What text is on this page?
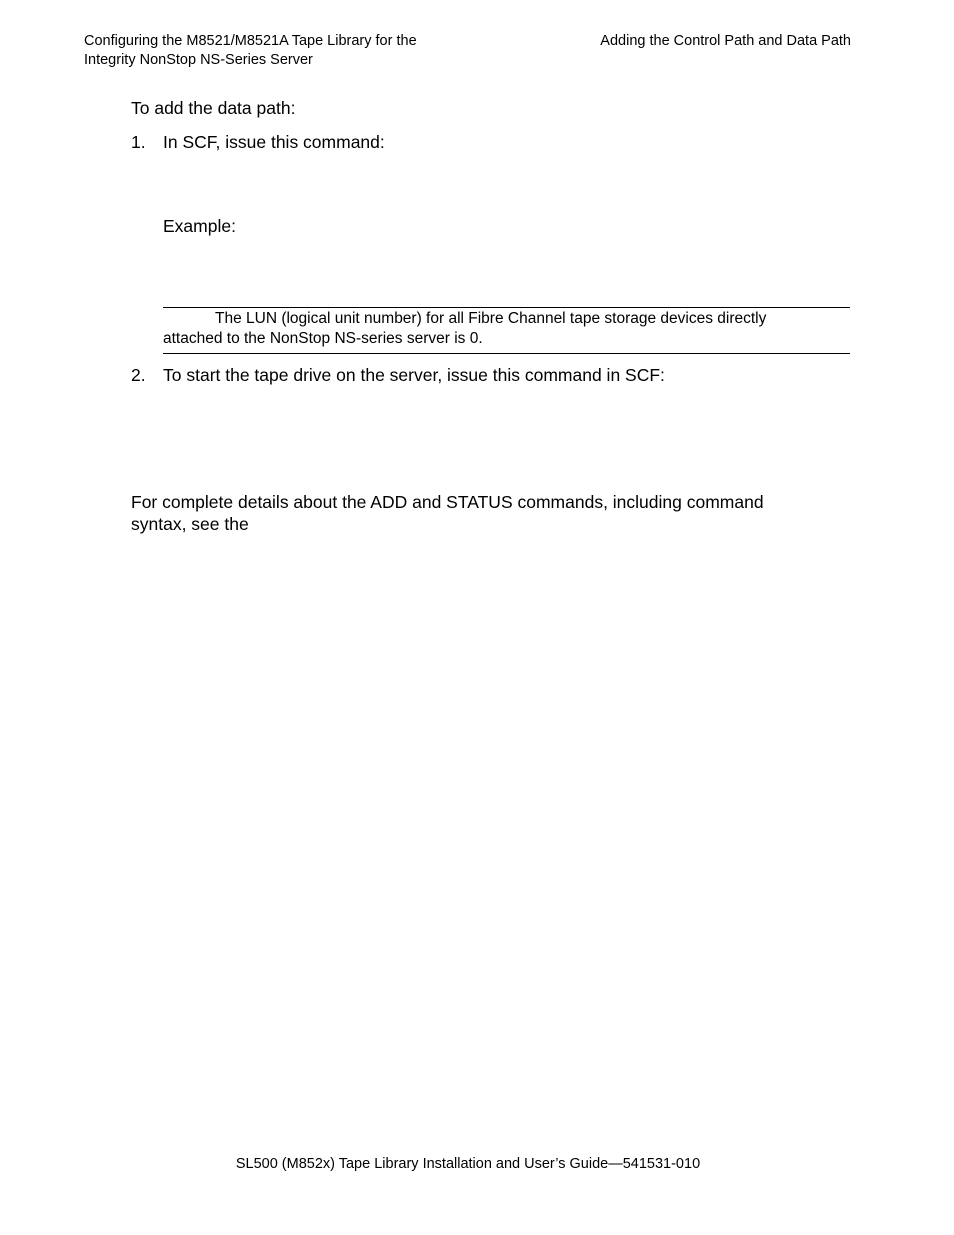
Configuring the M8521/M8521A Tape Library for the
Integrity NonStop NS-Series Server
Adding the Control Path and Data Path
To add the data path:
1. In SCF, issue this command:
Example:
The LUN (logical unit number) for all Fibre Channel tape storage devices directly
attached to the NonStop NS-series server is 0.
2. To start the tape drive on the server, issue this command in SCF:
For complete details about the ADD and STATUS commands, including command
syntax, see the
SL500 (M852x) Tape Library Installation and User’s Guide—541531-010
